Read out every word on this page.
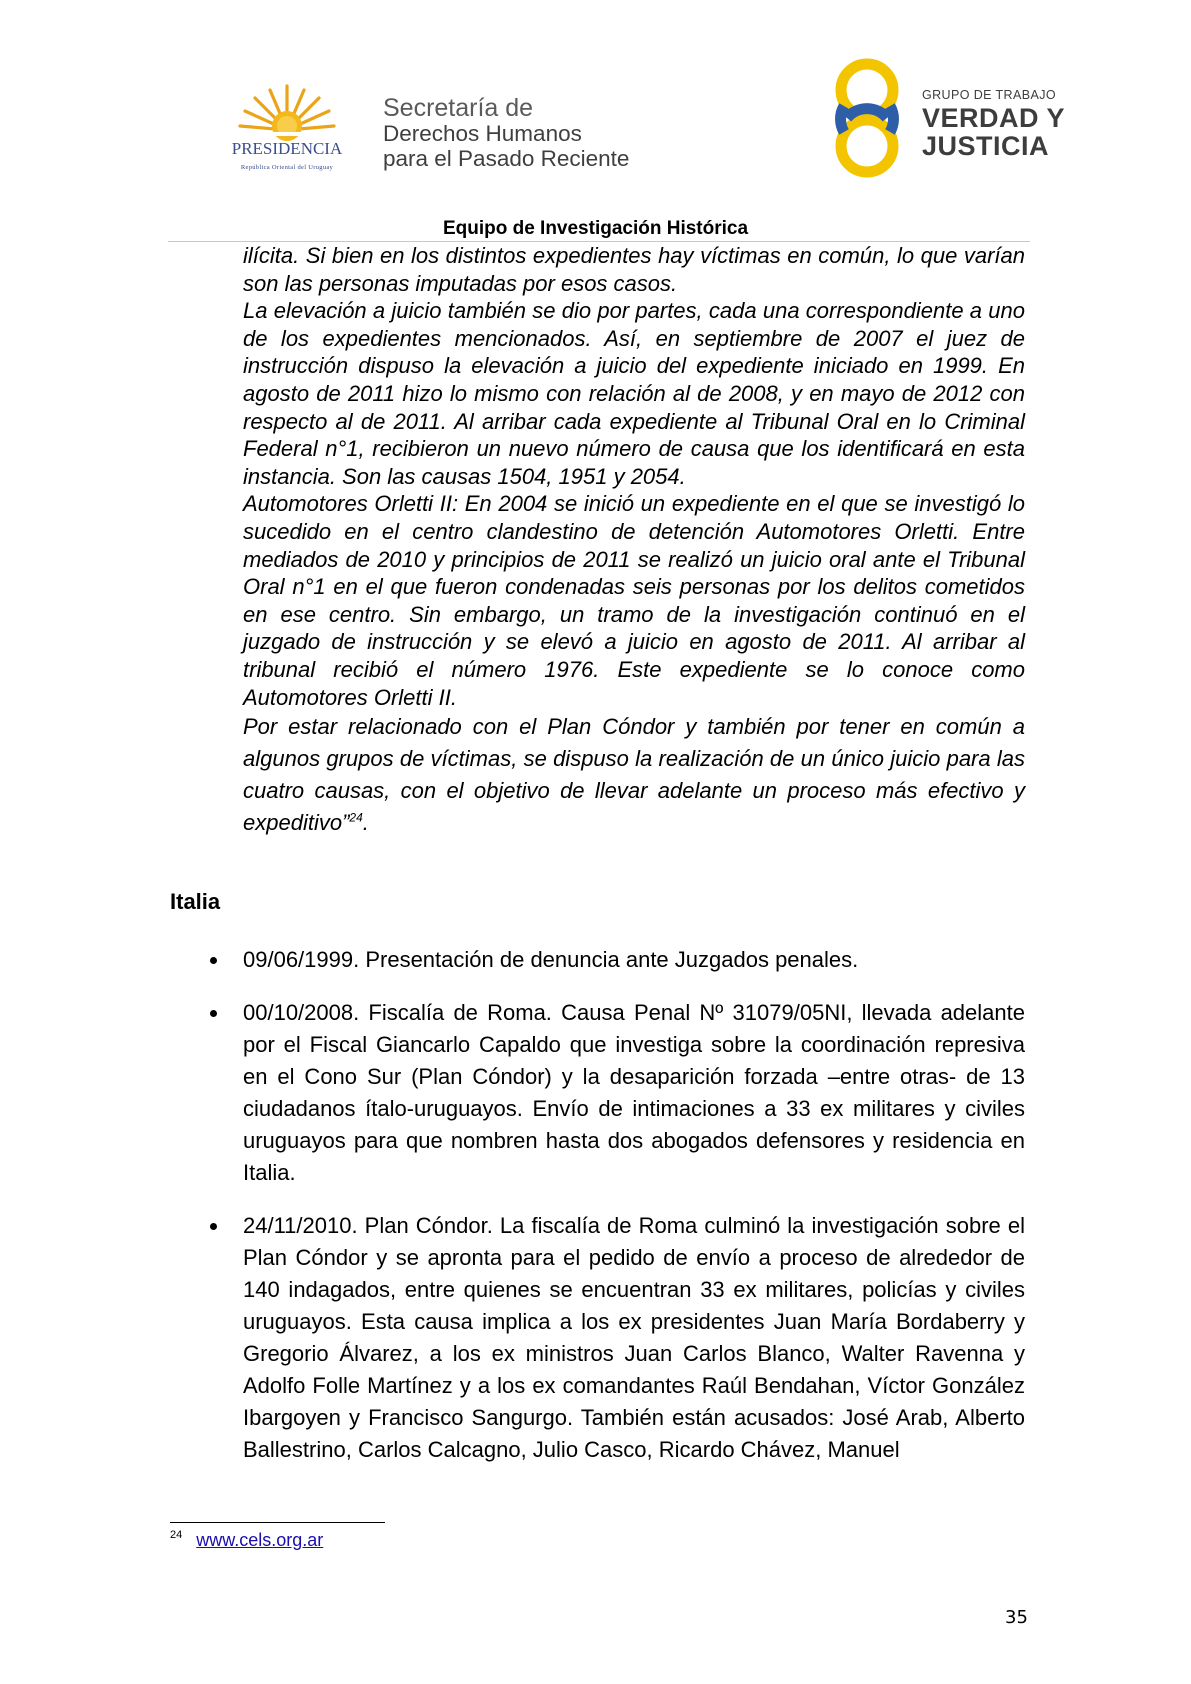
PRESIDENCIA
República Oriental del Uruguay
Secretaría de
Derechos Humanos
para el Pasado Reciente
GRUPO DE TRABAJO
VERDAD Y
JUSTICIA
Equipo de Investigación Histórica

ilícita. Si bien en los distintos expedientes hay víctimas en común, lo que varían son las personas imputadas por esos casos.

La elevación a juicio también se dio por partes, cada una correspondiente a uno de los expedientes mencionados. Así, en septiembre de 2007 el juez de instrucción dispuso la elevación a juicio del expediente iniciado en 1999. En agosto de 2011 hizo lo mismo con relación al de 2008, y en mayo de 2012 con respecto al de 2011. Al arribar cada expediente al Tribunal Oral en lo Criminal Federal n°1, recibieron un nuevo número de causa que los identificará en esta instancia. Son las causas 1504, 1951 y 2054.

Automotores Orletti II: En 2004 se inició un expediente en el que se investigó lo sucedido en el centro clandestino de detención Automotores Orletti. Entre mediados de 2010 y principios de 2011 se realizó un juicio oral ante el Tribunal Oral n°1 en el que fueron condenadas seis personas por los delitos cometidos en ese centro. Sin embargo, un tramo de la investigación continuó en el juzgado de instrucción y se elevó a juicio en agosto de 2011. Al arribar al tribunal recibió el número 1976. Este expediente se lo conoce como Automotores Orletti II.

Por estar relacionado con el Plan Cóndor y también por tener en común a algunos grupos de víctimas, se dispuso la realización de un único juicio para las cuatro causas, con el objetivo de llevar adelante un proceso más efectivo y expeditivo”$^{24}$.

Italia
09/06/1999. Presentación de denuncia ante Juzgados penales.
00/10/2008. Fiscalía de Roma. Causa Penal Nº 31079/05NI, llevada adelante por el Fiscal Giancarlo Capaldo que investiga sobre la coordinación represiva en el Cono Sur (Plan Cóndor) y la desaparición forzada –entre otras- de 13 ciudadanos ítalo-uruguayos. Envío de intimaciones a 33 ex militares y civiles uruguayos para que nombren hasta dos abogados defensores y residencia en Italia.
24/11/2010. Plan Cóndor. La fiscalía de Roma culminó la investigación sobre el Plan Cóndor y se apronta para el pedido de envío a proceso de alrededor de 140 indagados, entre quienes se encuentran 33 ex militares, policías y civiles uruguayos. Esta causa implica a los ex presidentes Juan María Bordaberry y Gregorio Álvarez, a los ex ministros Juan Carlos Blanco, Walter Ravenna y Adolfo Folle Martínez y a los ex comandantes Raúl Bendahan, Víctor González Ibargoyen y Francisco Sangurgo. También están acusados: José Arab, Alberto Ballestrino, Carlos Calcagno, Julio Casco, Ricardo Chávez, Manuel
$^{24}$ www.cels.org.ar
35
